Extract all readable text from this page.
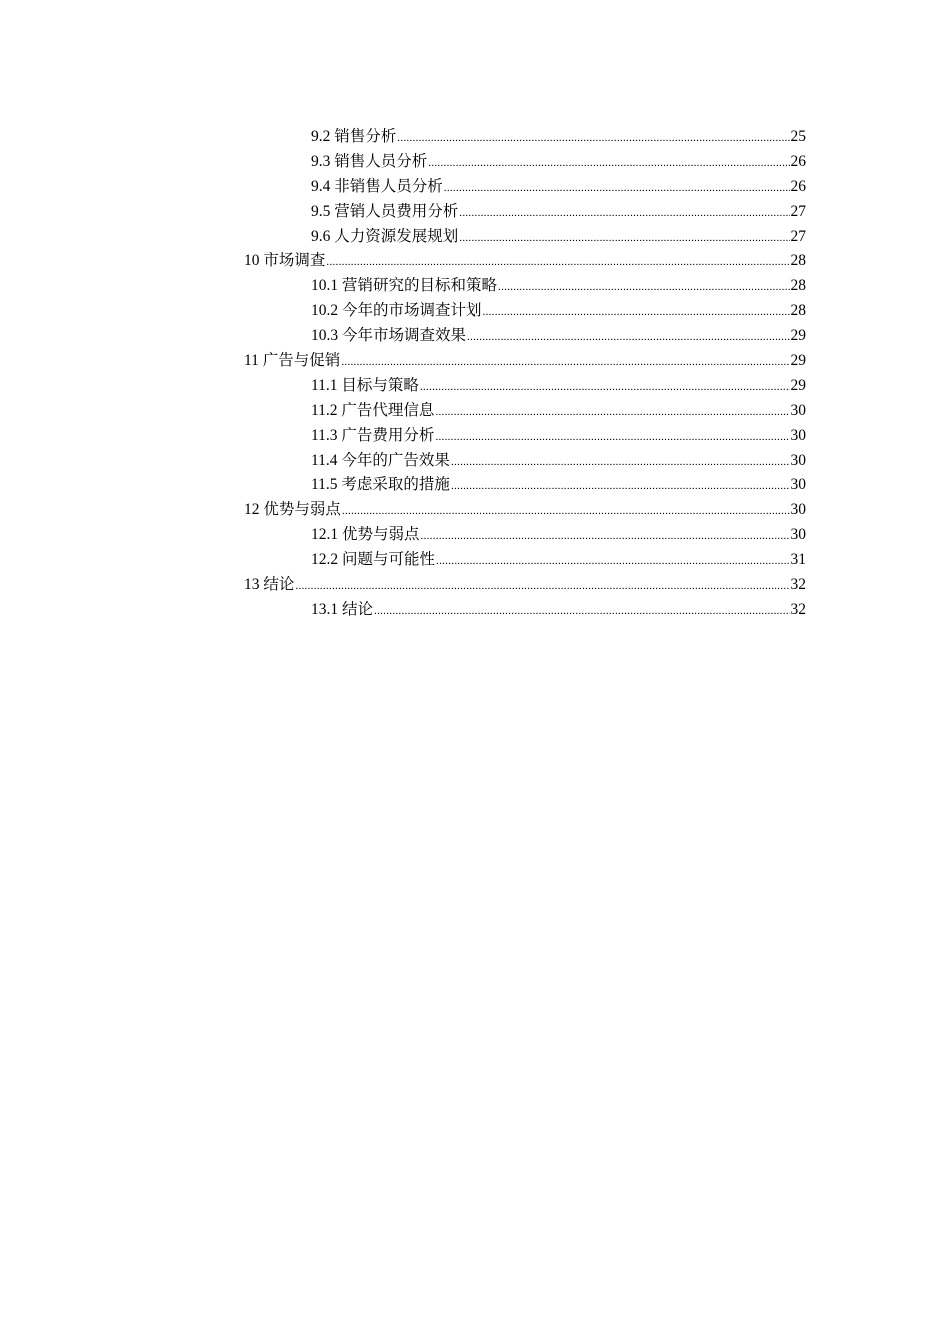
9.2 销售分析 .....	25
9.3 销售人员分析 .....	26
9.4 非销售人员分析 .....	26
9.5 营销人员费用分析 .....	27
9.6 人力资源发展规划 .....	27
10 市场调查 .....	28
10.1 营销研究的目标和策略 .....	28
10.2 今年的市场调查计划 .....	28
10.3 今年市场调查效果 .....	29
11 广告与促销 .....	29
11.1 目标与策略 .....	29
11.2 广告代理信息 .....	30
11.3 广告费用分析 .....	30
11.4 今年的广告效果 .....	30
11.5 考虑采取的措施 .....	30
12 优势与弱点 .....	30
12.1 优势与弱点 .....	30
12.2 问题与可能性 .....	31
13 结论 .....	32
13.1 结论 .....	32
